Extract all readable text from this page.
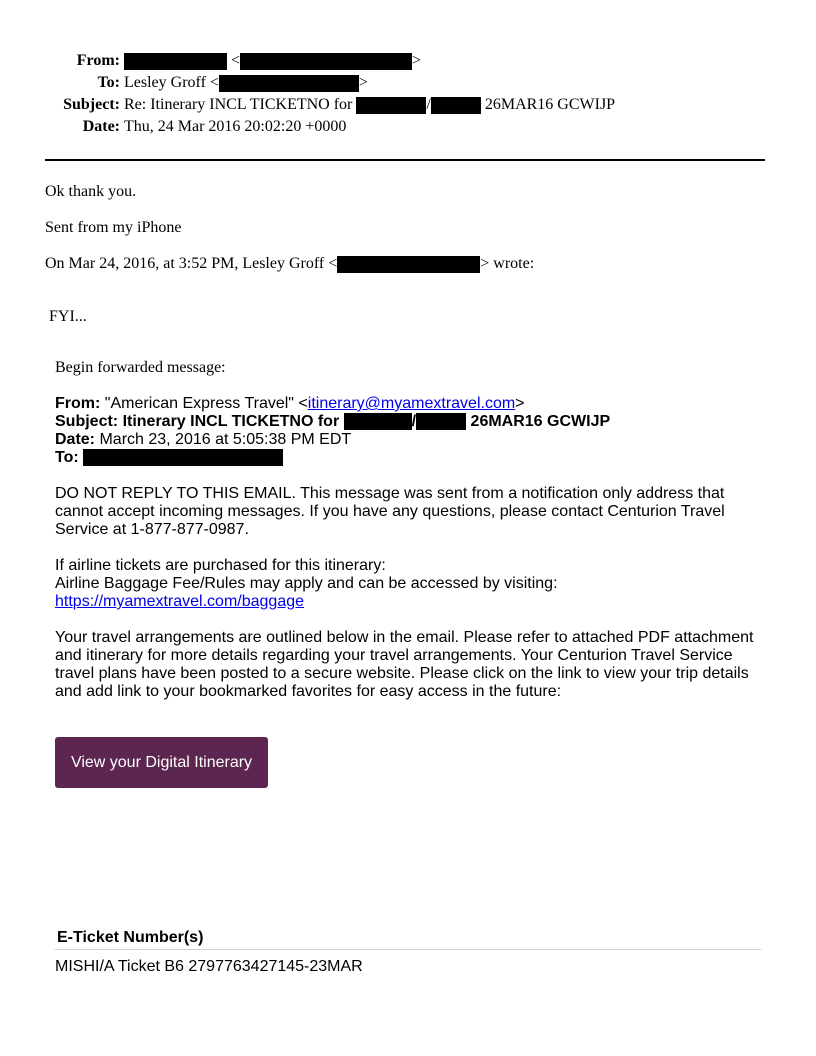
From:	<	>
To: Lesley Groff <	>
Subject: Re: Itinerary INCL TICKETNO for	/	26MAR16 GCWIJP
Date: Thu, 24 Mar 2016 20:02:20 +0000
Ok thank you.
Sent from my iPhone
On Mar 24, 2016, at 3:52 PM, Lesley Groff <	> wrote:
FYI...
Begin forwarded message:
From: "American Express Travel" <itinerary@myamextravel.com>
Subject: Itinerary INCL TICKETNO for	/	26MAR16 GCWIJP
Date: March 23, 2016 at 5:05:38 PM EDT
To:
DO NOT REPLY TO THIS EMAIL. This message was sent from a notification only address that cannot accept incoming messages. If you have any questions, please contact Centurion Travel Service at 1-877-877-0987.
If airline tickets are purchased for this itinerary:
Airline Baggage Fee/Rules may apply and can be accessed by visiting:
https://myamextravel.com/baggage
Your travel arrangements are outlined below in the email. Please refer to attached PDF attachment and itinerary for more details regarding your travel arrangements. Your Centurion Travel Service travel plans have been posted to a secure website. Please click on the link to view your trip details and add link to your bookmarked favorites for easy access in the future:
View your Digital Itinerary
E-Ticket Number(s)
MISHI/A Ticket B6 2797763427145-23MAR
